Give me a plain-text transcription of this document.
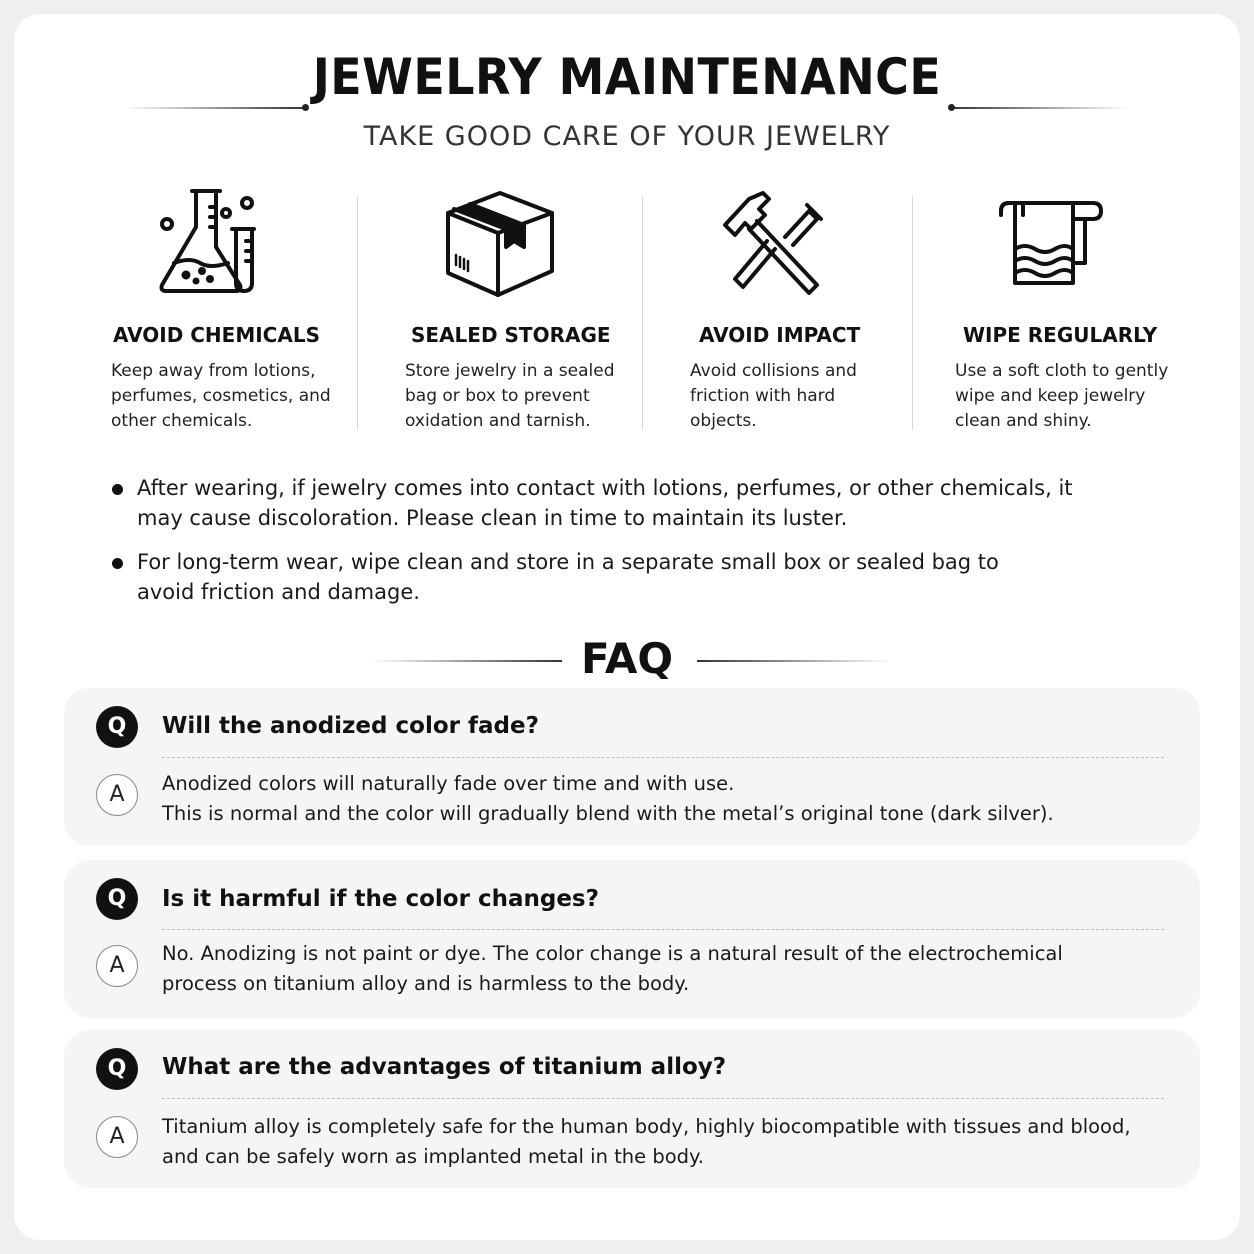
JEWELRY MAINTENANCE
TAKE GOOD CARE OF YOUR JEWELRY
AVOID CHEMICALS
Keep away from lotions, perfumes, cosmetics, and other chemicals.
SEALED STORAGE
Store jewelry in a sealed bag or box to prevent oxidation and tarnish.
AVOID IMPACT
Avoid collisions and friction with hard objects.
WIPE REGULARLY
Use a soft cloth to gently wipe and keep jewelry clean and shiny.
After wearing, if jewelry comes into contact with lotions, perfumes, or other chemicals, it may cause discoloration. Please clean in time to maintain its luster.
For long-term wear, wipe clean and store in a separate small box or sealed bag to avoid friction and damage.
FAQ
Q	Will the anodized color fade?
A	Anodized colors will naturally fade over time and with use.
This is normal and the color will gradually blend with the metal’s original tone (dark silver).
Q	Is it harmful if the color changes?
A	No. Anodizing is not paint or dye. The color change is a natural result of the electrochemical process on titanium alloy and is harmless to the body.
Q	What are the advantages of titanium alloy?
A	Titanium alloy is completely safe for the human body, highly biocompatible with tissues and blood, and can be safely worn as implanted metal in the body.
